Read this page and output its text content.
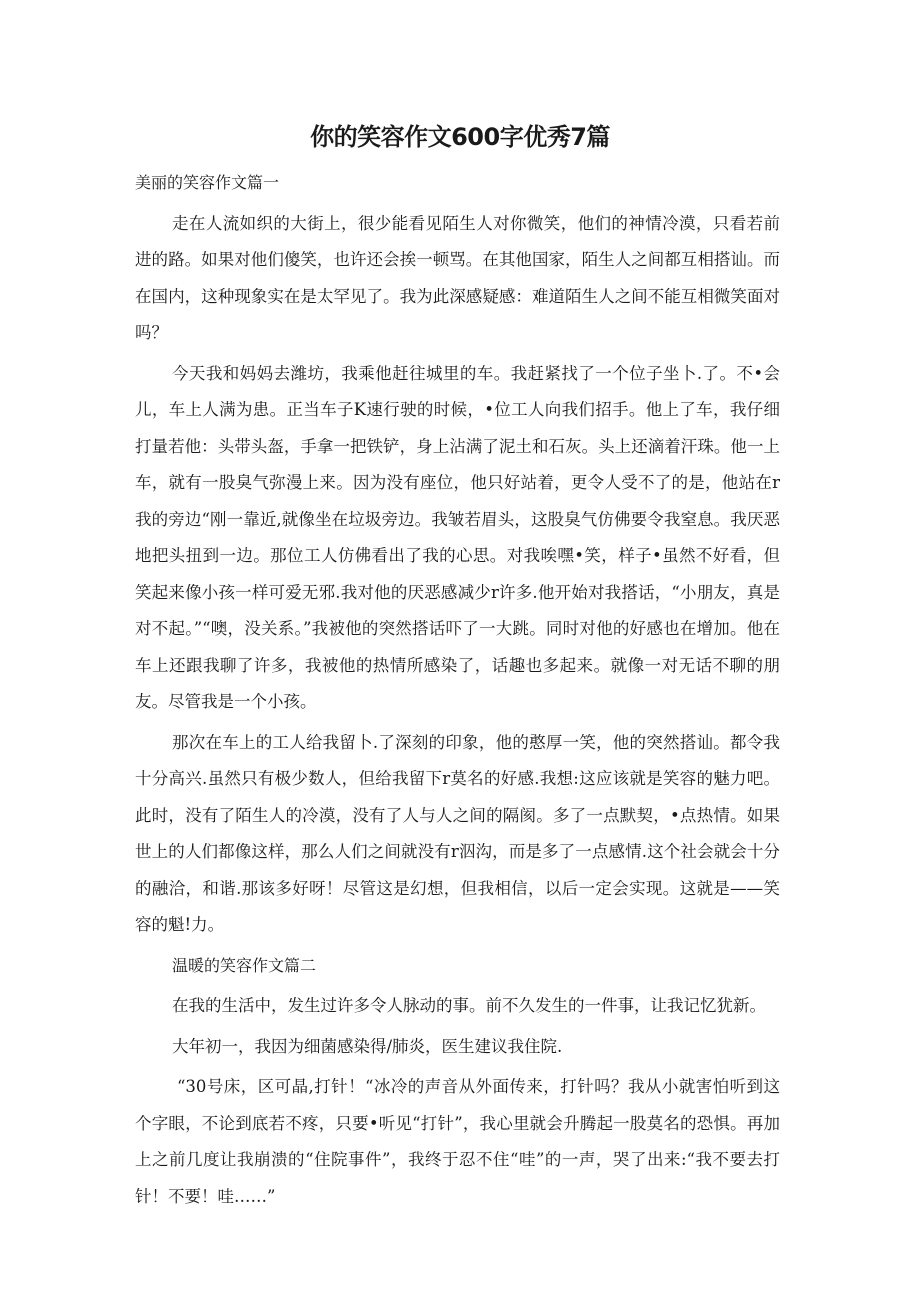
你的笑容作文600字优秀7篇

美丽的笑容作文篇一

走在人流如织的大街上，很少能看见陌生人对你微笑，他们的神情冷漠，只看若前进的路。如果对他们傻笑，也许还会挨一顿骂。在其他国家，陌生人之间都互相搭讪。而在国内，这种现象实在是太罕见了。我为此深感疑感：难道陌生人之间不能互相微笑面对吗？

今天我和妈妈去潍坊，我乘他赶往城里的车。我赶紧找了一个位子坐卜.了。不•会儿，车上人满为患。正当车子K速行驶的时候，•位工人向我们招手。他上了车，我仔细打量若他：头带头盔，手拿一把铁铲，身上沾满了泥土和石灰。头上还滴着汗珠。他一上车，就有一股臭气弥漫上来。因为没有座位，他只好站着，更令人受不了的是，他站在r我的旁边“刚一靠近,就像坐在垃圾旁边。我皱若眉头，这股臭气仿佛要令我窒息。我厌恶地把头扭到一边。那位工人仿佛看出了我的心思。对我唉嘿•笑，样子•虽然不好看，但笑起来像小孩一样可爱无邪.我对他的厌恶感减少r许多.他开始对我搭话，“小朋友，真是对不起。”“噢，没关系。”我被他的突然搭话吓了一大跳。同时对他的好感也在增加。他在车上还跟我聊了许多，我被他的热情所感染了，话趣也多起来。就像一对无话不聊的朋友。尽管我是一个小孩。

那次在车上的工人给我留卜.了深刻的印象，他的憨厚一笑，他的突然搭讪。都令我十分高兴.虽然只有极少数人，但给我留下r莫名的好感.我想:这应该就是笑容的魅力吧。此时，没有了陌生人的冷漠，没有了人与人之间的隔阂。多了一点默契，•点热情。如果世上的人们都像这样，那么人们之间就没有r泅沟，而是多了一点感情.这个社会就会十分的融洽，和谐.那该多好呀！尽管这是幻想，但我相信，以后一定会实现。这就是——笑容的魁!力。

温暖的笑容作文篇二

在我的生活中，发生过许多令人脉动的事。前不久发生的一件事，让我记忆犹新。

大年初一，我因为细菌感染得/肺炎，医生建议我住院.

“30号床，区可晶,打针！“冰冷的声音从外面传来，打针吗？我从小就害怕听到这个字眼，不论到底若不疼，只要•听见“打针”，我心里就会升腾起一股莫名的恐惧。再加上之前几度让我崩溃的“住院事件”，我终于忍不住“哇”的一声，哭了出来:“我不要去打针！不要！哇……”
